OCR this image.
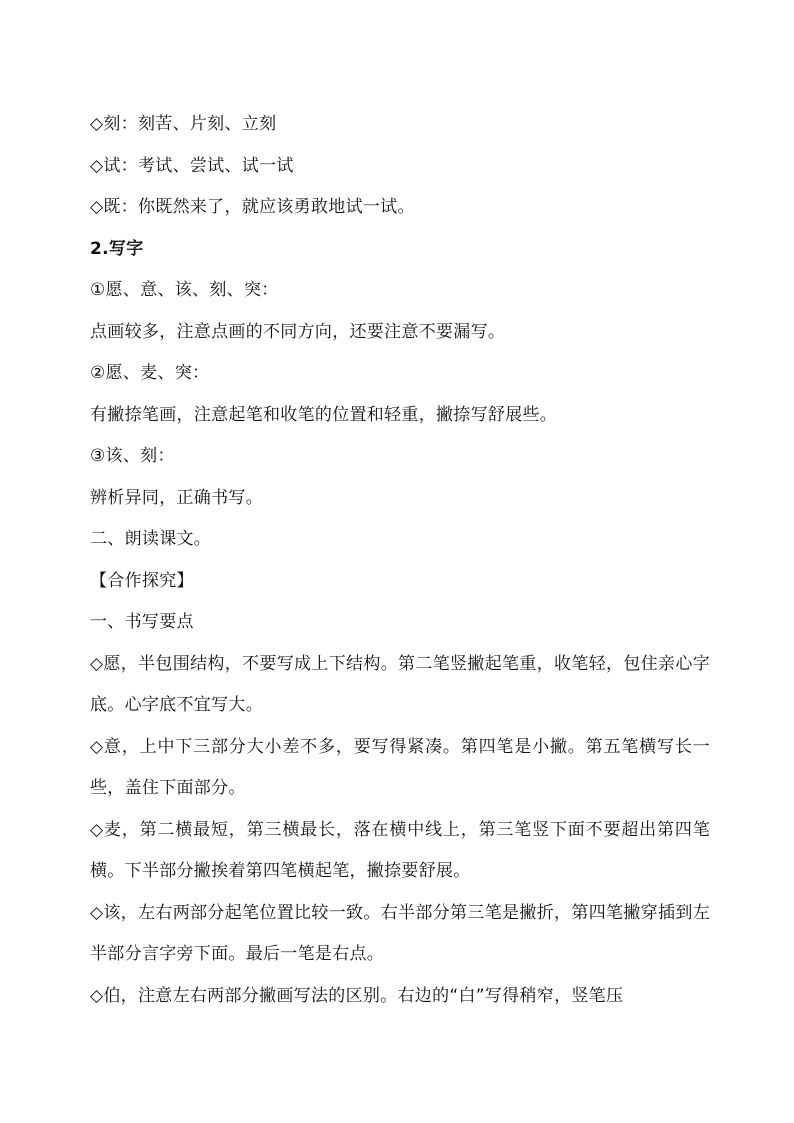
◇刻：刻苦、片刻、立刻
◇试：考试、尝试、试一试
◇既：你既然来了，就应该勇敢地试一试。
2.写字
①愿、意、该、刻、突：
点画较多，注意点画的不同方向，还要注意不要漏写。
②愿、麦、突：
有撇捺笔画，注意起笔和收笔的位置和轻重，撇捺写舒展些。
③该、刻：
辨析异同，正确书写。
二、朗读课文。
【合作探究】
一、书写要点
◇愿，半包围结构，不要写成上下结构。第二笔竖撇起笔重，收笔轻，包住亲心字底。心字底不宜写大。
◇意，上中下三部分大小差不多，要写得紧凑。第四笔是小撇。第五笔横写长一些，盖住下面部分。
◇麦，第二横最短，第三横最长，落在横中线上，第三笔竖下面不要超出第四笔横。下半部分撇挨着第四笔横起笔，撇捺要舒展。
◇该，左右两部分起笔位置比较一致。右半部分第三笔是撇折，第四笔撇穿插到左半部分言字旁下面。最后一笔是右点。
◇伯，注意左右两部分撇画写法的区别。右边的“白”写得稍窄，竖笔压
